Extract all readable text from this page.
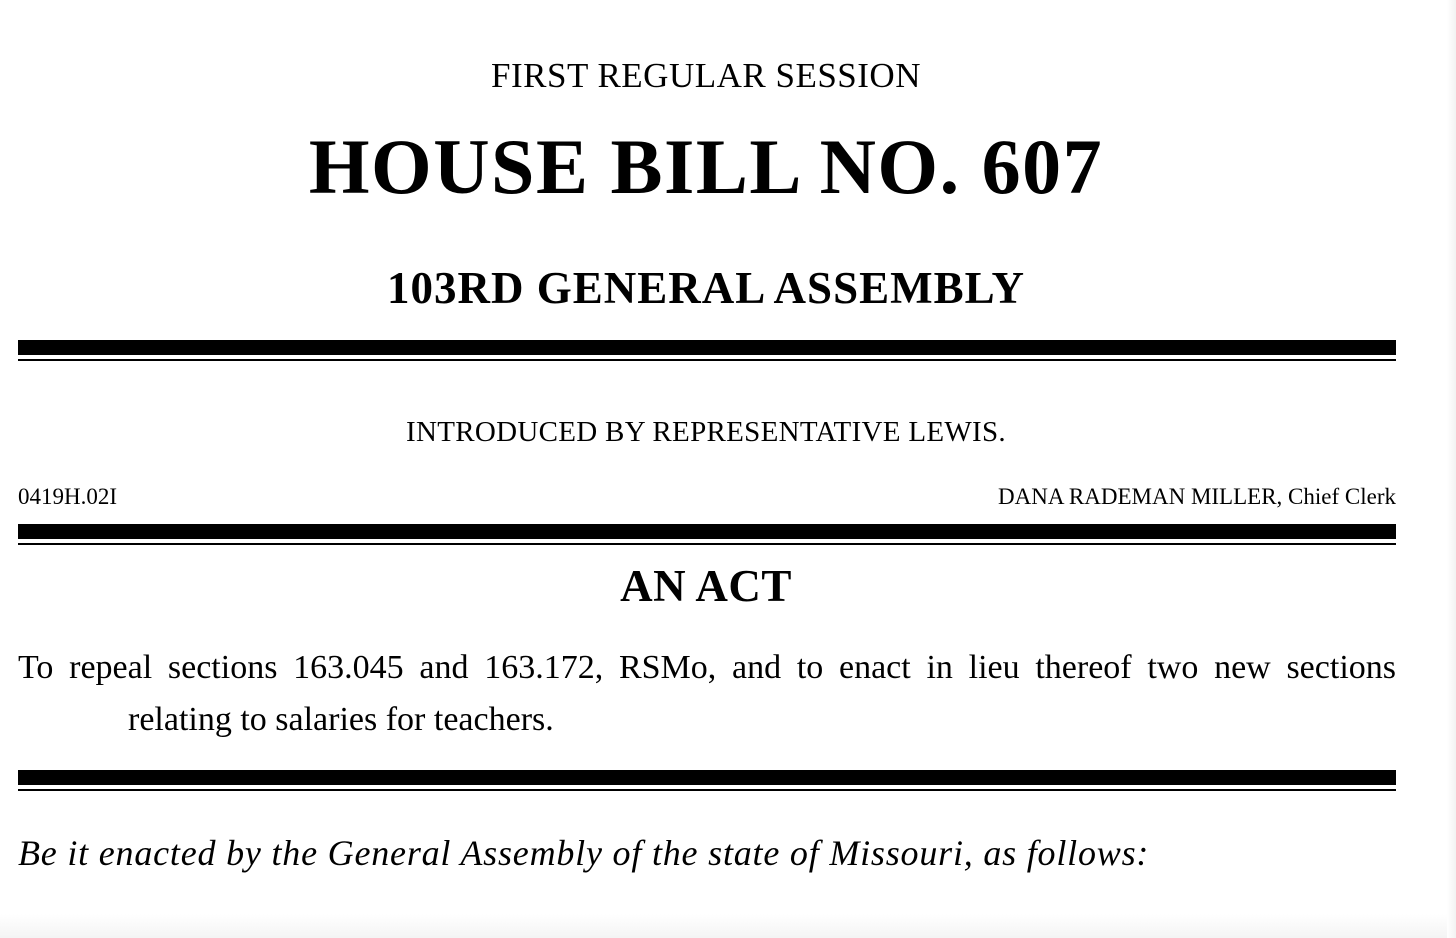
FIRST REGULAR SESSION
HOUSE BILL NO. 607
103RD GENERAL ASSEMBLY
INTRODUCED BY REPRESENTATIVE LEWIS.
0419H.02I	DANA RADEMAN MILLER, Chief Clerk
AN ACT
To repeal sections 163.045 and 163.172, RSMo, and to enact in lieu thereof two new sections
relating to salaries for teachers.
Be it enacted by the General Assembly of the state of Missouri, as follows:
